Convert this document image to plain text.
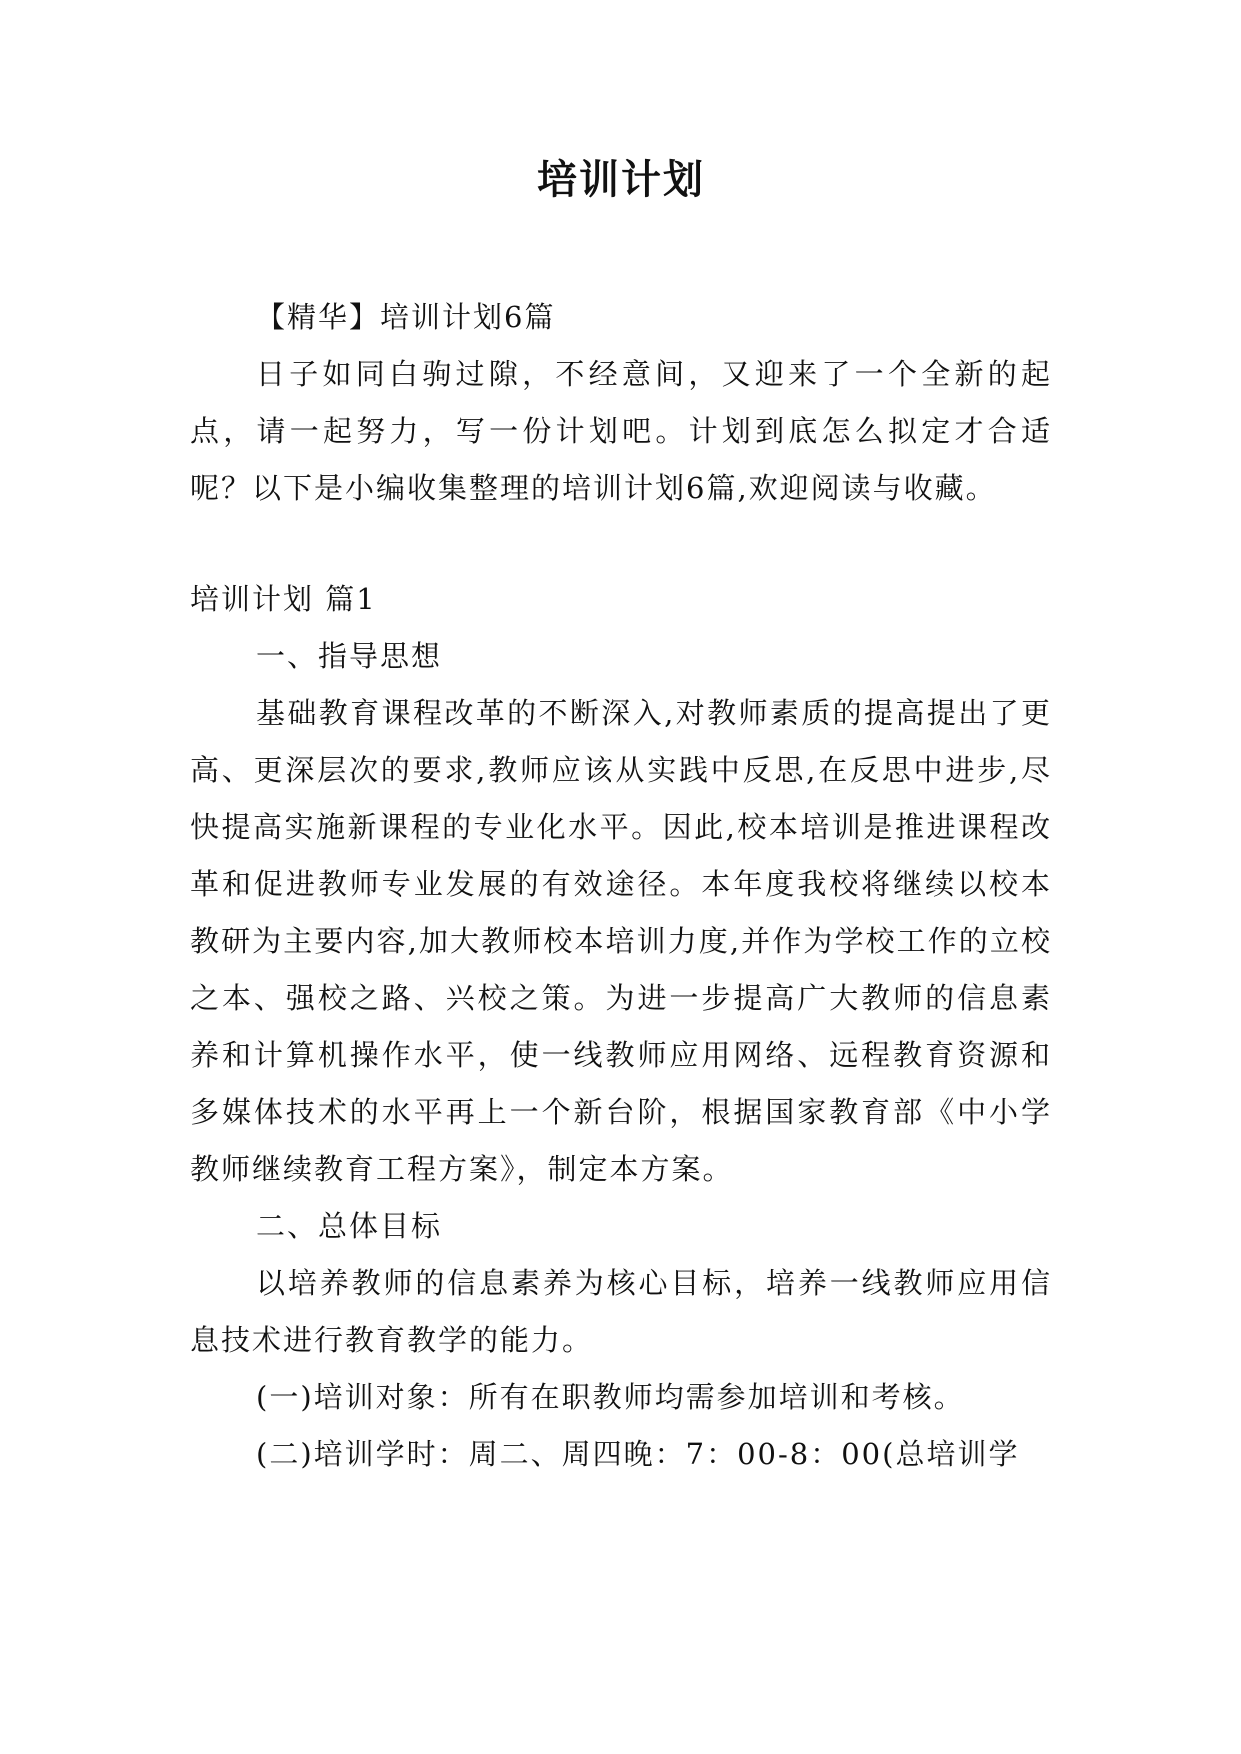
培训计划

【精华】培训计划6篇

日子如同白驹过隙，不经意间，又迎来了一个全新的起点，请一起努力，写一份计划吧。计划到底怎么拟定才合适呢？以下是小编收集整理的培训计划6篇,欢迎阅读与收藏。

培训计划 篇1

一、指导思想

基础教育课程改革的不断深入,对教师素质的提高提出了更高、更深层次的要求,教师应该从实践中反思,在反思中进步,尽快提高实施新课程的专业化水平。因此,校本培训是推进课程改革和促进教师专业发展的有效途径。本年度我校将继续以校本教研为主要内容,加大教师校本培训力度,并作为学校工作的立校之本、强校之路、兴校之策。为进一步提高广大教师的信息素养和计算机操作水平，使一线教师应用网络、远程教育资源和多媒体技术的水平再上一个新台阶，根据国家教育部《中小学教师继续教育工程方案》，制定本方案。

二、总体目标

以培养教师的信息素养为核心目标，培养一线教师应用信息技术进行教育教学的能力。

(一)培训对象：所有在职教师均需参加培训和考核。

(二)培训学时：周二、周四晚：7：00-8：00(总培训学
